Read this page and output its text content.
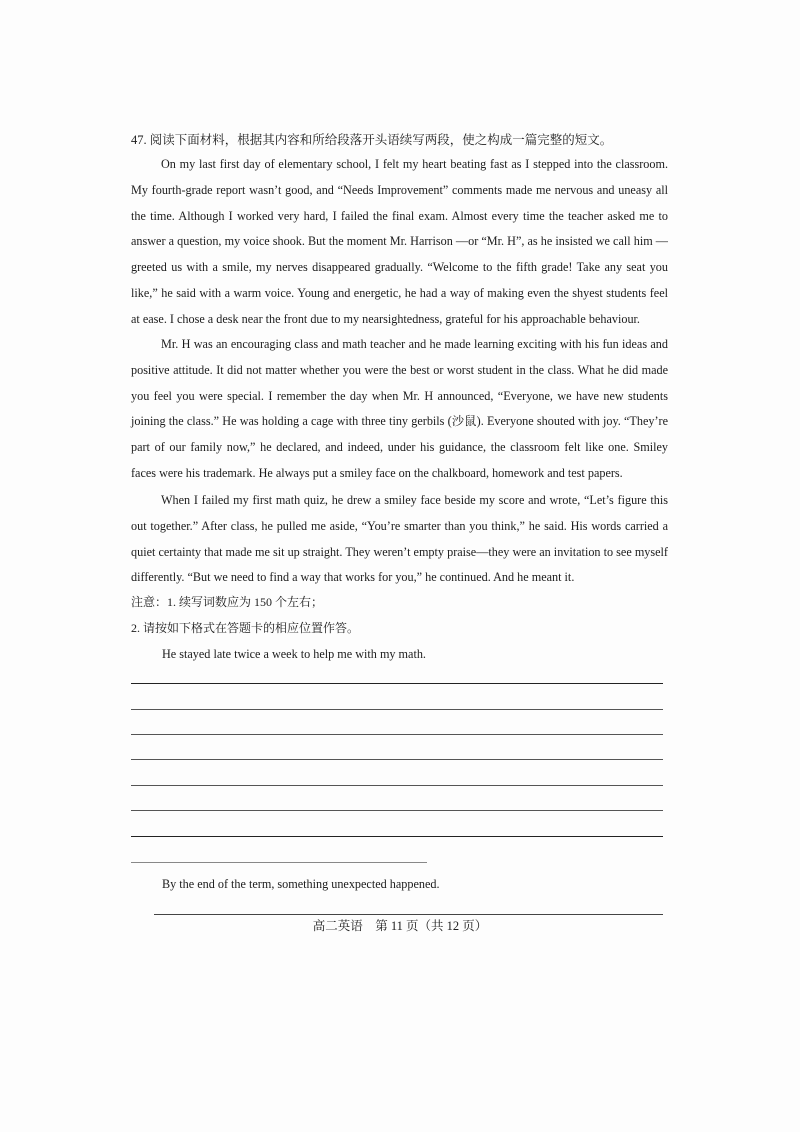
47. 阅读下面材料，根据其内容和所给段落开头语续写两段，使之构成一篇完整的短文。

On my last first day of elementary school, I felt my heart beating fast as I stepped into the classroom. My fourth-grade report wasn’t good, and “Needs Improvement” comments made me nervous and uneasy all the time. Although I worked very hard, I failed the final exam. Almost every time the teacher asked me to answer a question, my voice shook. But the moment Mr. Harrison —or “Mr. H”, as he insisted we call him — greeted us with a smile, my nerves disappeared gradually. “Welcome to the fifth grade! Take any seat you like,” he said with a warm voice. Young and energetic, he had a way of making even the shyest students feel at ease. I chose a desk near the front due to my nearsightedness, grateful for his approachable behaviour.

Mr. H was an encouraging class and math teacher and he made learning exciting with his fun ideas and positive attitude. It did not matter whether you were the best or worst student in the class. What he did made you feel you were special. I remember the day when Mr. H announced, “Everyone, we have new students joining the class.” He was holding a cage with three tiny gerbils (沙鼠). Everyone shouted with joy. “They’re part of our family now,” he declared, and indeed, under his guidance, the classroom felt like one. Smiley faces were his trademark. He always put a smiley face on the chalkboard, homework and test papers.

When I failed my first math quiz, he drew a smiley face beside my score and wrote, “Let’s figure this out together.” After class, he pulled me aside, “You’re smarter than you think,” he said. His words carried a quiet certainty that made me sit up straight. They weren’t empty praise—they were an invitation to see myself differently. “But we need to find a way that works for you,” he continued. And he meant it.

注意：1. 续写词数应为 150 个左右；
2. 请按如下格式在答题卡的相应位置作答。
He stayed late twice a week to help me with my math.
By the end of the term, something unexpected happened.
高二英语　第 11 页（共 12 页）
